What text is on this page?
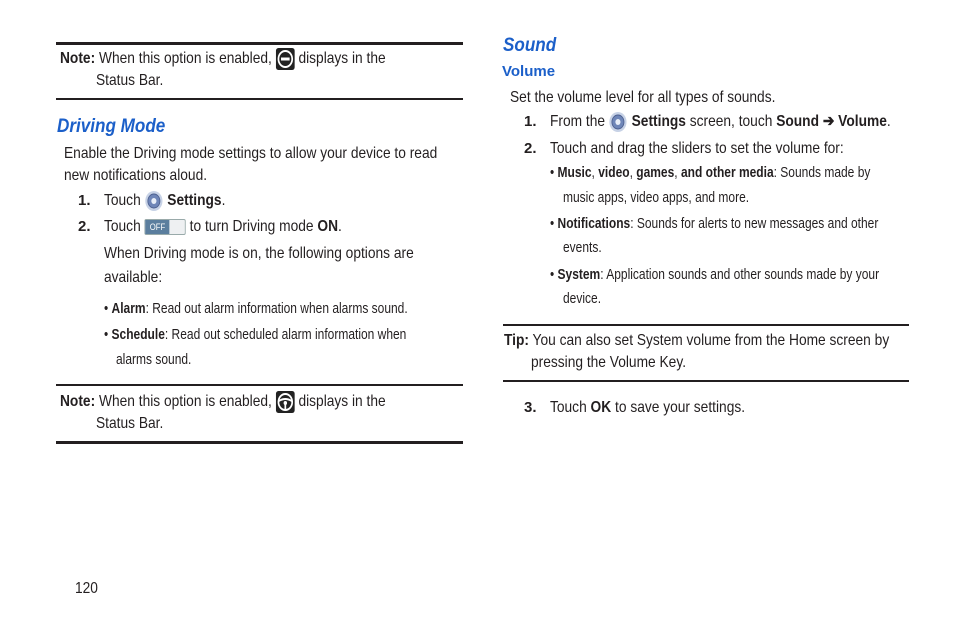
Note: When this option is enabled, displays in the
Status Bar.
Driving Mode
Enable the Driving mode settings to allow your device to read
new notifications aloud.
1. Touch Settings.
2. Touch OFF to turn Driving mode ON.
When Driving mode is on, the following options are
available:
• Alarm: Read out alarm information when alarms sound.
• Schedule: Read out scheduled alarm information when
alarms sound.
Note: When this option is enabled, displays in the
Status Bar.
Sound
Volume
Set the volume level for all types of sounds.
1. From the Settings screen, touch Sound ➔ Volume.
2. Touch and drag the sliders to set the volume for:
• Music, video, games, and other media: Sounds made by
music apps, video apps, and more.
• Notifications: Sounds for alerts to new messages and other
events.
• System: Application sounds and other sounds made by your
device.
Tip: You can also set System volume from the Home screen by
pressing the Volume Key.
3. Touch OK to save your settings.
120
